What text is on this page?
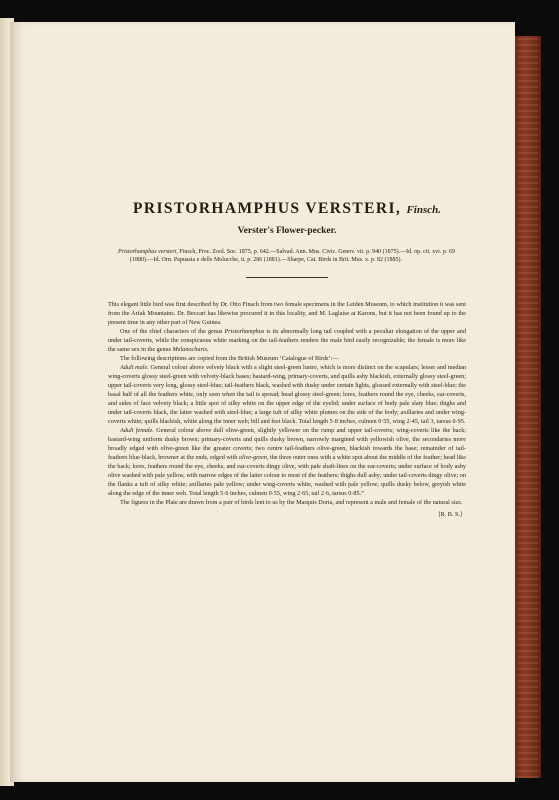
PRISTORHAMPHUS VERSTERI, Finsch.
Verster's Flower-pecker.

Pristorhamphus versteri, Finsch, Proc. Zool. Soc. 1875, p. 642.—Salvad. Ann. Mus. Civic. Genov. vii. p. 940 (1875).—Id. op. cit. xvi. p. 69 (1880).—Id. Orn. Papuasia e delle Molucche, ii. p. 286 (1881).—Sharpe, Cat. Birds in Brit. Mus. x. p. 82 (1885).

This elegant little bird was first described by Dr. Otto Finsch from two female specimens in the Leiden Museum, to which institution it was sent from the Arfak Mountains. Dr. Beccari has likewise procured it in this locality, and M. Laglaise at Karons, but it has not been found up to the present time in any other part of New Guinea.

One of the chief characters of the genus Pristorhamphus is its abnormally long tail coupled with a peculiar elongation of the upper and under tail-coverts, while the conspicuous white marking on the tail-feathers renders the male bird easily recognizable; the female is more like the same sex in the genus Melanocharis.

The following descriptions are copied from the British Museum ‘Catalogue of Birds’:—

Adult male. General colour above velvety black with a slight steel-green lustre, which is more distinct on the scapulars; lesser and median wing-coverts glossy steel-green with velvety-black bases; bastard-wing, primary-coverts, and quills ashy blackish, externally glossy steel-green; upper tail-coverts very long, glossy steel-blue; tail-feathers black, washed with dusky under certain lights, glossed externally with steel-blue; the basal half of all the feathers white, only seen when the tail is spread; head glossy steel-green; lores, feathers round the eye, cheeks, ear-coverts, and sides of face velvety black; a little spot of silky white on the upper edge of the eyelid; under surface of body pale slaty blue; thighs and under tail-coverts black, the latter washed with steel-blue; a large tuft of silky white plumes on the side of the body; axillaries and under wing-coverts white; quills blackish, white along the inner web; bill and feet black. Total length 5·8 inches, culmen 0·55, wing 2·45, tail 3, tarsus 0·95.

Adult female. General colour above dull olive-green, slightly yellower on the rump and upper tail-coverts; wing-coverts like the back; bastard-wing uniform dusky brown; primary-coverts and quills dusky brown, narrowly margined with yellowish olive, the secondaries more broadly edged with olive-green like the greater coverts; two centre tail-feathers olive-green, blackish towards the base; remainder of tail-feathers blue-black, browner at the ends, edged with olive-green, the three outer ones with a white spot about the middle of the feather; head like the back; lores, feathers round the eye, cheeks, and ear-coverts dingy olive, with pale shaft-lines on the ear-coverts; under surface of body ashy olive washed with pale yellow, with narrow edges of the latter colour to most of the feathers; thighs dull ashy; under tail-coverts dingy olive; on the flanks a tuft of silky white; axillaries pale yellow; under wing-coverts white, washed with pale yellow; quills dusky below, greyish white along the edge of the inner web. Total length 5·6 inches, culmen 0·55, wing 2·65, tail 2·6, tarsus 0·85.”

The figures in the Plate are drawn from a pair of birds lent to us by the Marquis Doria, and represent a male and female of the natural size.

[R. B. S.]
